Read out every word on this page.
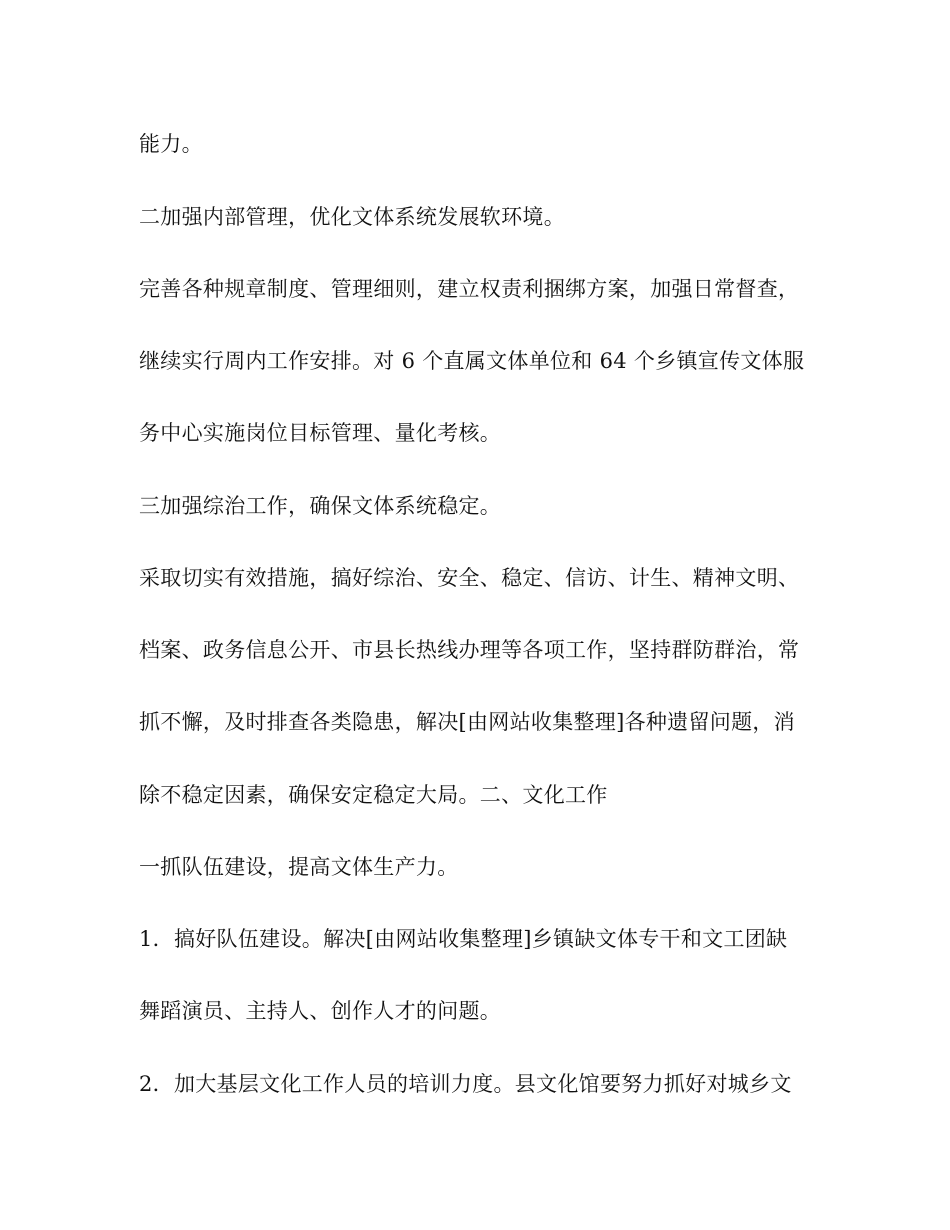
能力。

二加强内部管理，优化文体系统发展软环境。

完善各种规章制度、管理细则，建立权责利捆绑方案，加强日常督查，

继续实行周内工作安排。对 6 个直属文体单位和 64 个乡镇宣传文体服

务中心实施岗位目标管理、量化考核。

三加强综治工作，确保文体系统稳定。

采取切实有效措施，搞好综治、安全、稳定、信访、计生、精神文明、

档案、政务信息公开、市县长热线办理等各项工作，坚持群防群治，常

抓不懈，及时排查各类隐患，解决[由网站收集整理]各种遗留问题，消

除不稳定因素，确保安定稳定大局。二、文化工作

一抓队伍建设，提高文体生产力。

1．搞好队伍建设。解决[由网站收集整理]乡镇缺文体专干和文工团缺

舞蹈演员、主持人、创作人才的问题。

2．加大基层文化工作人员的培训力度。县文化馆要努力抓好对城乡文
